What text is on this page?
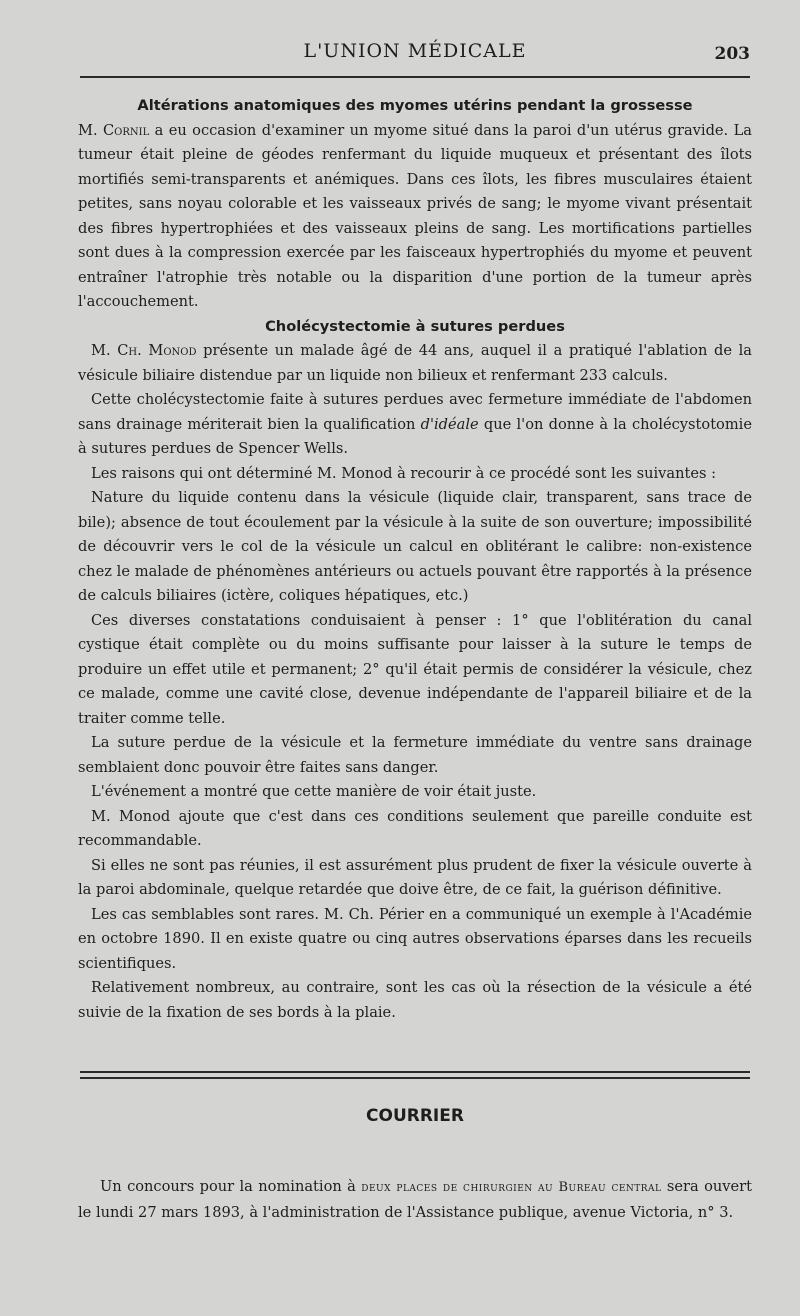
L'UNION MÉDICALE	203
Altérations anatomiques des myomes utérins pendant la grossesse

M. Cornil a eu occasion d'examiner un myome situé dans la paroi d'un utérus gravide. La tumeur était pleine de géodes renfermant du liquide muqueux et présentant des îlots mortifiés semi-transparents et anémiques. Dans ces îlots, les fibres musculaires étaient petites, sans noyau colorable et les vaisseaux privés de sang; le myome vivant présentait des fibres hypertrophiées et des vaisseaux pleins de sang. Les mortifications partielles sont dues à la compression exercée par les faisceaux hypertrophiés du myome et peuvent entraîner l'atrophie très notable ou la disparition d'une portion de la tumeur après l'accouchement.

Cholécystectomie à sutures perdues

M. Ch. Monod présente un malade âgé de 44 ans, auquel il a pratiqué l'ablation de la vésicule biliaire distendue par un liquide non bilieux et renfermant 233 calculs.

Cette cholécystectomie faite à sutures perdues avec fermeture immédiate de l'abdomen sans drainage mériterait bien la qualification d'idéale que l'on donne à la cholécystotomie à sutures perdues de Spencer Wells.

Les raisons qui ont déterminé M. Monod à recourir à ce procédé sont les suivantes :

Nature du liquide contenu dans la vésicule (liquide clair, transparent, sans trace de bile); absence de tout écoulement par la vésicule à la suite de son ouverture; impossibilité de découvrir vers le col de la vésicule un calcul en oblitérant le calibre: non-existence chez le malade de phénomènes antérieurs ou actuels pouvant être rapportés à la présence de calculs biliaires (ictère, coliques hépatiques, etc.)

Ces diverses constatations conduisaient à penser : 1° que l'oblitération du canal cystique était complète ou du moins suffisante pour laisser à la suture le temps de produire un effet utile et permanent; 2° qu'il était permis de considérer la vésicule, chez ce malade, comme une cavité close, devenue indépendante de l'appareil biliaire et de la traiter comme telle.

La suture perdue de la vésicule et la fermeture immédiate du ventre sans drainage semblaient donc pouvoir être faites sans danger.

L'événement a montré que cette manière de voir était juste.

M. Monod ajoute que c'est dans ces conditions seulement que pareille conduite est recommandable.

Si elles ne sont pas réunies, il est assurément plus prudent de fixer la vésicule ouverte à la paroi abdominale, quelque retardée que doive être, de ce fait, la guérison définitive.

Les cas semblables sont rares. M. Ch. Périer en a communiqué un exemple à l'Académie en octobre 1890. Il en existe quatre ou cinq autres observations éparses dans les recueils scientifiques.

Relativement nombreux, au contraire, sont les cas où la résection de la vésicule a été suivie de la fixation de ses bords à la plaie.

COURRIER

Un concours pour la nomination à deux places de chirurgien au Bureau central sera ouvert le lundi 27 mars 1893, à l'administration de l'Assistance publique, avenue Victoria, n° 3.
